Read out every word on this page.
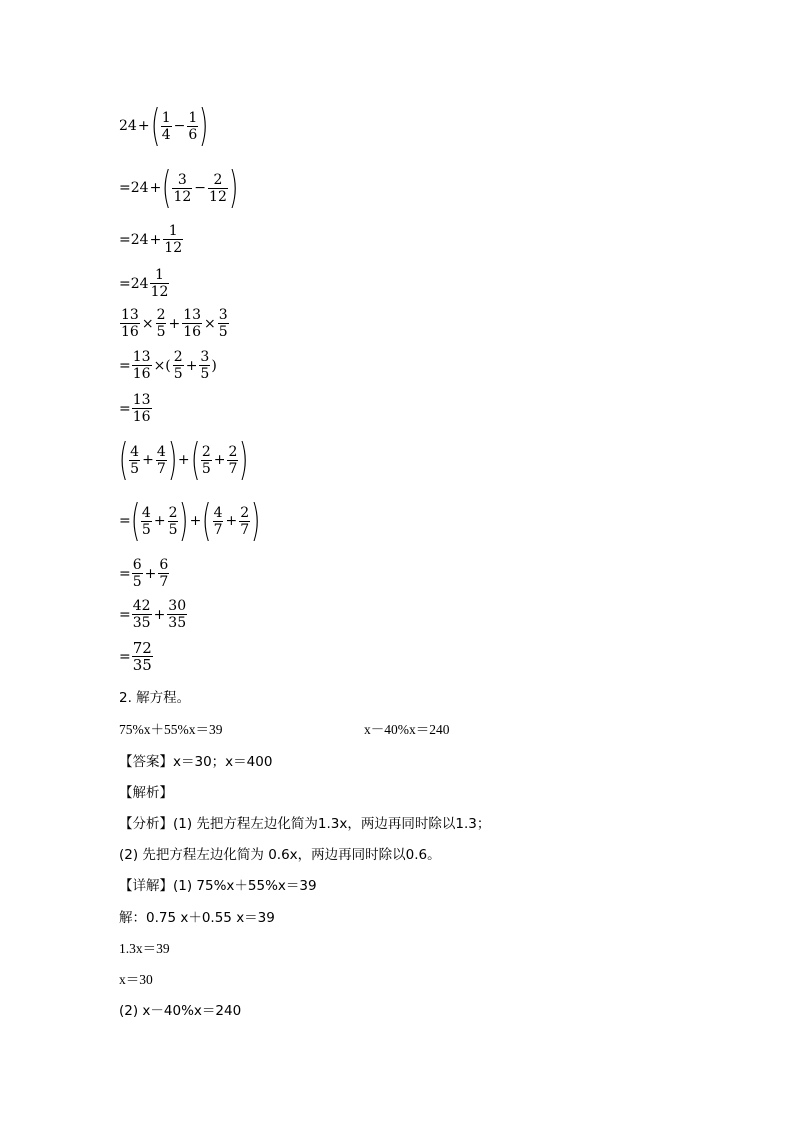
24 + ( $\frac{1}{4} - \frac{1}{6}$ )
= 24 + ( $\frac{3}{12} - \frac{2}{12}$ )
= $24 + \frac{1}{12}$
= $24 \frac{1}{12}$
$\frac{13}{16} \times \frac{2}{5} + \frac{13}{16} \times \frac{3}{5}$
= $\frac{13}{16}$ ×( $\frac{2}{5} + \frac{3}{5}$ )
= $\frac{13}{16}$
( $\frac{4}{5} + \frac{4}{7}$ ) + ( $\frac{2}{5} + \frac{2}{7}$ )
= ( $\frac{4}{5} + \frac{2}{5}$ ) + ( $\frac{4}{7} + \frac{2}{7}$ )
= $\frac{6}{5} + \frac{6}{7}$
= $\frac{42}{35} + \frac{30}{35}$
= $\frac{72}{35}$
2. 解方程。
75%x＋55%x＝39	x－40%x＝240
【答案】x＝30；x＝400
【解析】
【分析】(1) 先把方程左边化简为1.3x，两边再同时除以1.3；
(2) 先把方程左边化简为 0.6x，两边再同时除以0.6。
【详解】(1) 75%x＋55%x＝39
解：0.75 x＋0.55 x＝39
1.3x＝39
x＝30
(2) x－40%x＝240
